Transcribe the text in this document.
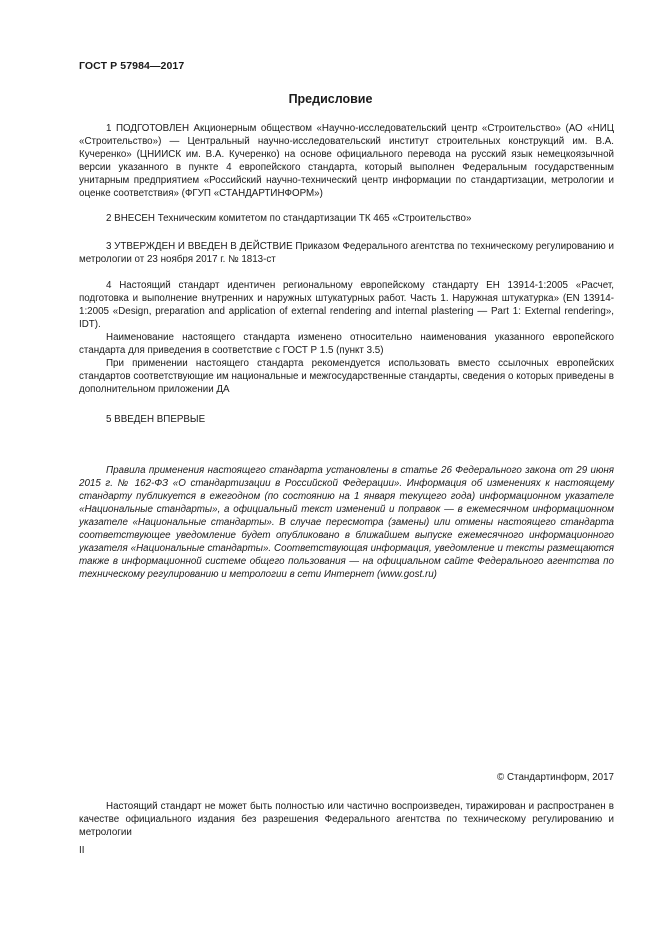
ГОСТ Р 57984—2017
Предисловие

1 ПОДГОТОВЛЕН Акционерным обществом «Научно-исследовательский центр «Строительство» (АО «НИЦ «Строительство») — Центральный научно-исследовательский институт строительных конструкций им. В.А. Кучеренко» (ЦНИИСК им. В.А. Кучеренко) на основе официального перевода на русский язык немецкоязычной версии указанного в пункте 4 европейского стандарта, который выполнен Федеральным государственным унитарным предприятием «Российский научно-технический центр информации по стандартизации, метрологии и оценке соответствия» (ФГУП «СТАНДАРТИНФОРМ»)

2 ВНЕСЕН Техническим комитетом по стандартизации ТК 465 «Строительство»

3 УТВЕРЖДЕН И ВВЕДЕН В ДЕЙСТВИЕ Приказом Федерального агентства по техническому регулированию и метрологии от 23 ноября 2017 г. № 1813-ст

4 Настоящий стандарт идентичен региональному европейскому стандарту ЕН 13914-1:2005 «Расчет, подготовка и выполнение внутренних и наружных штукатурных работ. Часть 1. Наружная штукатурка» (EN 13914-1:2005 «Design, preparation and application of external rendering and internal plastering — Part 1: External rendering», IDT).

Наименование настоящего стандарта изменено относительно наименования указанного европейского стандарта для приведения в соответствие с ГОСТ Р 1.5 (пункт 3.5)

При применении настоящего стандарта рекомендуется использовать вместо ссылочных европейских стандартов соответствующие им национальные и межгосударственные стандарты, сведения о которых приведены в дополнительном приложении ДА

5 ВВЕДЕН ВПЕРВЫЕ

Правила применения настоящего стандарта установлены в статье 26 Федерального закона от 29 июня 2015 г. № 162-ФЗ «О стандартизации в Российской Федерации». Информация об изменениях к настоящему стандарту публикуется в ежегодном (по состоянию на 1 января текущего года) информационном указателе «Национальные стандарты», а официальный текст изменений и поправок — в ежемесячном информационном указателе «Национальные стандарты». В случае пересмотра (замены) или отмены настоящего стандарта соответствующее уведомление будет опубликовано в ближайшем выпуске ежемесячного информационного указателя «Национальные стандарты». Соответствующая информация, уведомление и тексты размещаются также в информационной системе общего пользования — на официальном сайте Федерального агентства по техническому регулированию и метрологии в сети Интернет (www.gost.ru)

© Стандартинформ, 2017

Настоящий стандарт не может быть полностью или частично воспроизведен, тиражирован и распространен в качестве официального издания без разрешения Федерального агентства по техническому регулированию и метрологии

II
